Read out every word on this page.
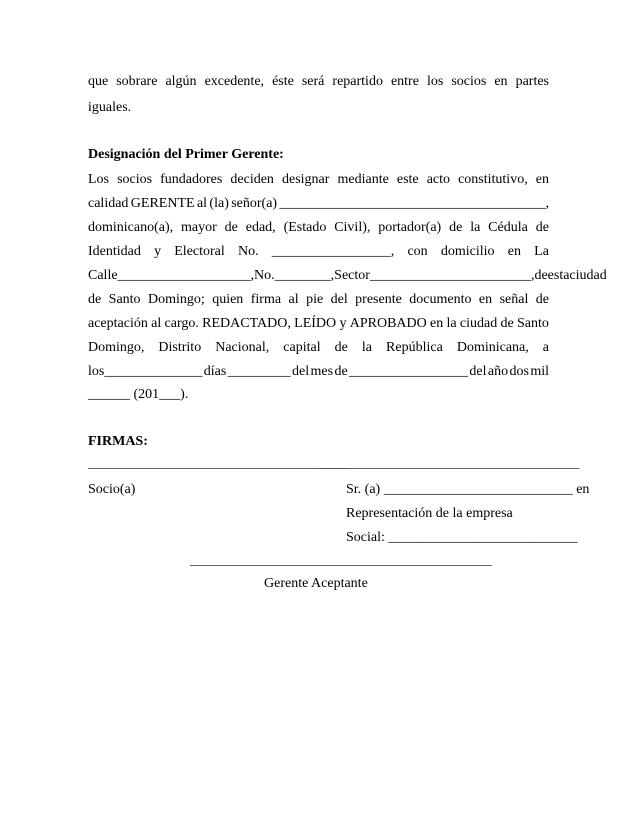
que sobrare algún excedente, éste será repartido entre los socios en partes
iguales.
Designación del Primer Gerente:
Los socios fundadores deciden designar mediante este acto constitutivo, en
calidad GERENTE al (la) señor(a) ______________________________________,
dominicano(a), mayor de edad, (Estado Civil), portador(a) de la Cédula de
Identidad y Electoral No. _________________, con domicilio en La
Calle___________________, No.________, Sector_______________________, de esta ciudad
de Santo Domingo; quien firma al pie del presente documento en señal de
aceptación al cargo. REDACTADO, LEÍDO y APROBADO en la ciudad de Santo
Domingo, Distrito Nacional, capital de la República Dominicana, a
los______________ días _________ del mes de _________________ del año dos mil
______ (201___).
FIRMAS:
_____________________________________________
_____________________________________________
Socio(a)	Sr. (a) ___________________________ en
Representación de la empresa
Social: ___________________________
____________________________________________________
Gerente Aceptante
